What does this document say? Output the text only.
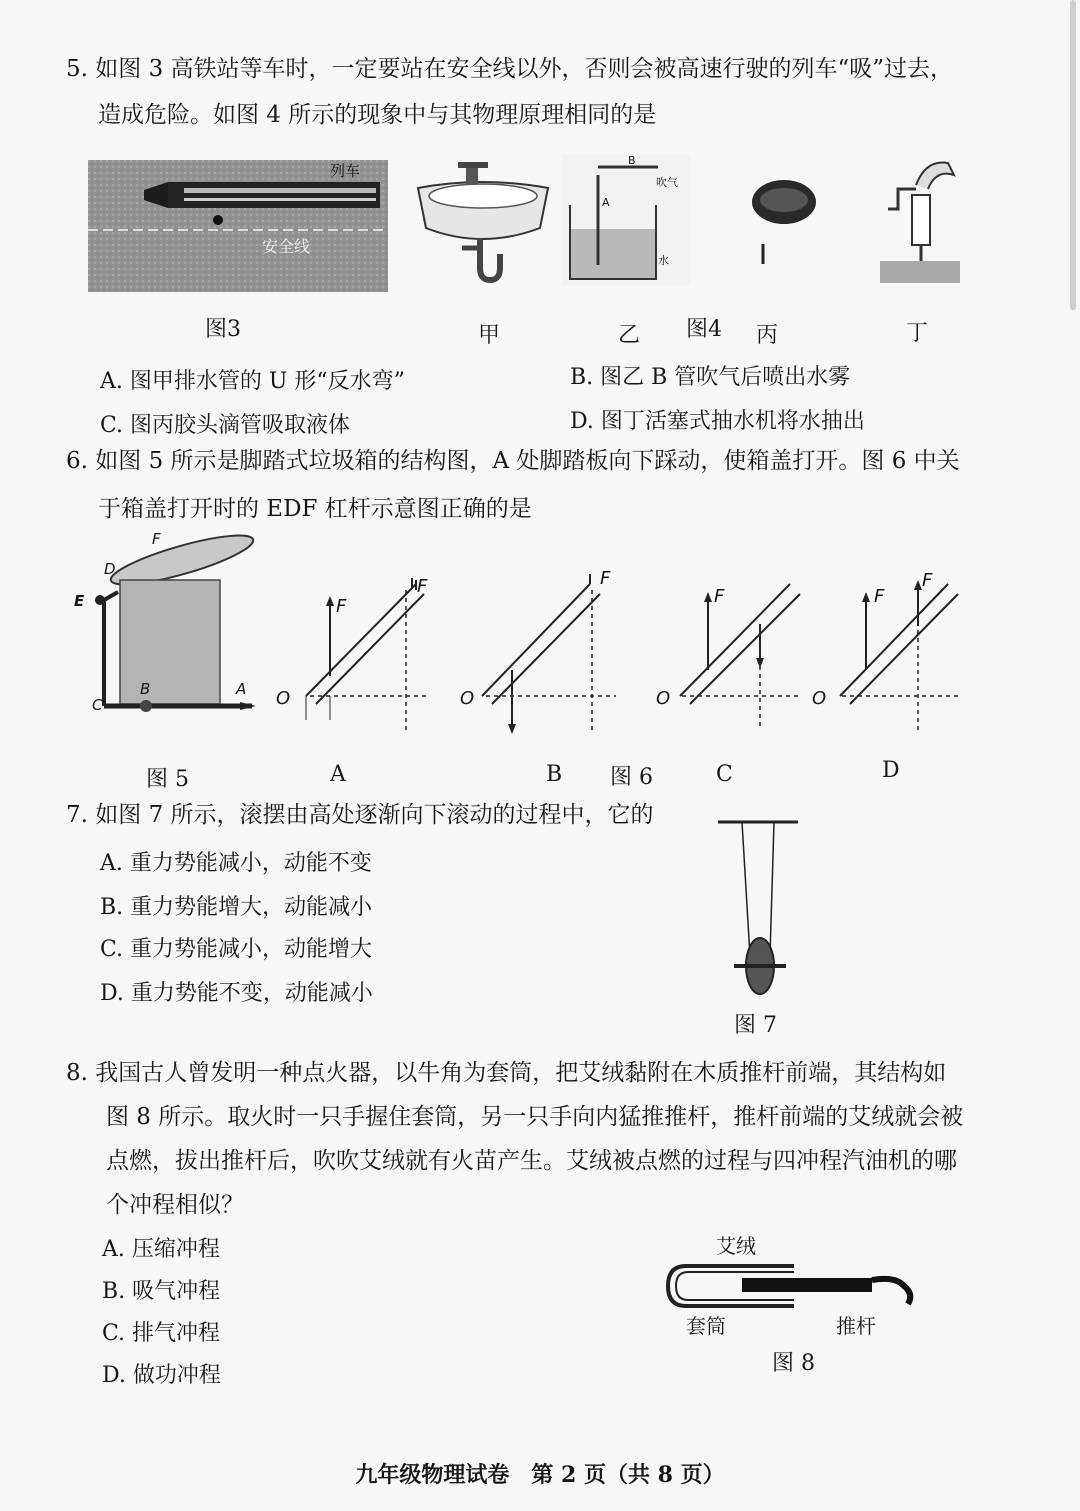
5. 如图 3 高铁站等车时，一定要站在安全线以外，否则会被高速行驶的列车“吸”过去，
造成危险。如图 4 所示的现象中与其物理原理相同的是
列车
安全线
图3	甲
B
吹气
A
水
乙 图4 丙	丁
A. 图甲排水管的 U 形“反水弯”	B. 图乙 B 管吹气后喷出水雾
C. 图丙胶头滴管吸取液体	D. 图丁活塞式抽水机将水抽出
6. 如图 5 所示是脚踏式垃圾箱的结构图，A 处脚踏板向下踩动，使箱盖打开。图 6 中关
于箱盖打开时的 EDF 杠杆示意图正确的是
F
D
E
C
B	A
图 5	A	B 图 6	C	D
O
F
F
O
F
O
F
O
F
F
7. 如图 7 所示，滚摆由高处逐渐向下滚动的过程中，它的
A. 重力势能减小，动能不变
B. 重力势能增大，动能减小
C. 重力势能减小，动能增大
D. 重力势能不变，动能减小
图 7
8. 我国古人曾发明一种点火器，以牛角为套筒，把艾绒黏附在木质推杆前端，其结构如
图 8 所示。取火时一只手握住套筒，另一只手向内猛推推杆，推杆前端的艾绒就会被
点燃，拔出推杆后，吹吹艾绒就有火苗产生。艾绒被点燃的过程与四冲程汽油机的哪
个冲程相似？
A. 压缩冲程
B. 吸气冲程
C. 排气冲程
D. 做功冲程
艾绒
套筒	推杆
图 8
九年级物理试卷　第 2 页（共 8 页）
